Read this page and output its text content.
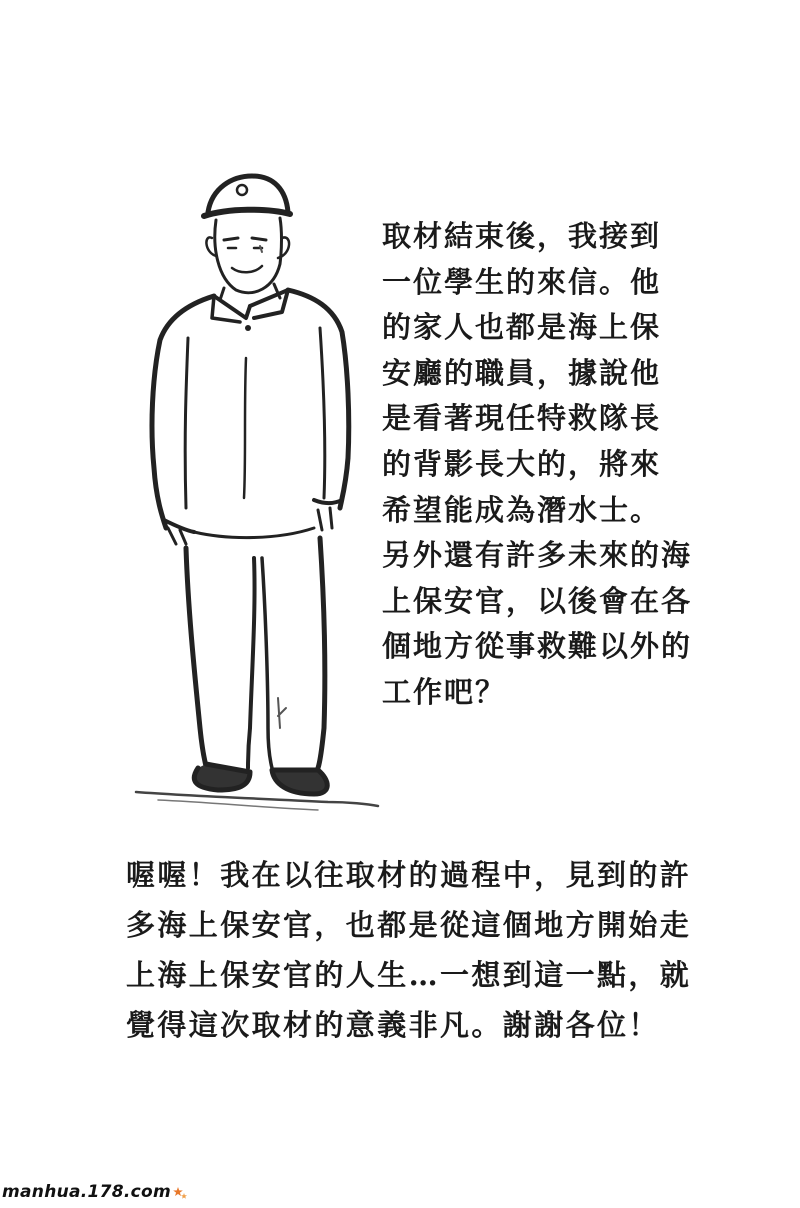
取材結束後，我接到
一位學生的來信。他
的家人也都是海上保
安廳的職員，據說他
是看著現任特救隊長
的背影長大的，將來
希望能成為潛水士。
另外還有許多未來的海
上保安官，以後會在各
個地方從事救難以外的
工作吧？
喔喔！我在以往取材的過程中，見到的許
多海上保安官，也都是從這個地方開始走
上海上保安官的人生…一想到這一點，就
覺得這次取材的意義非凡。謝謝各位！
manhua.178.com
